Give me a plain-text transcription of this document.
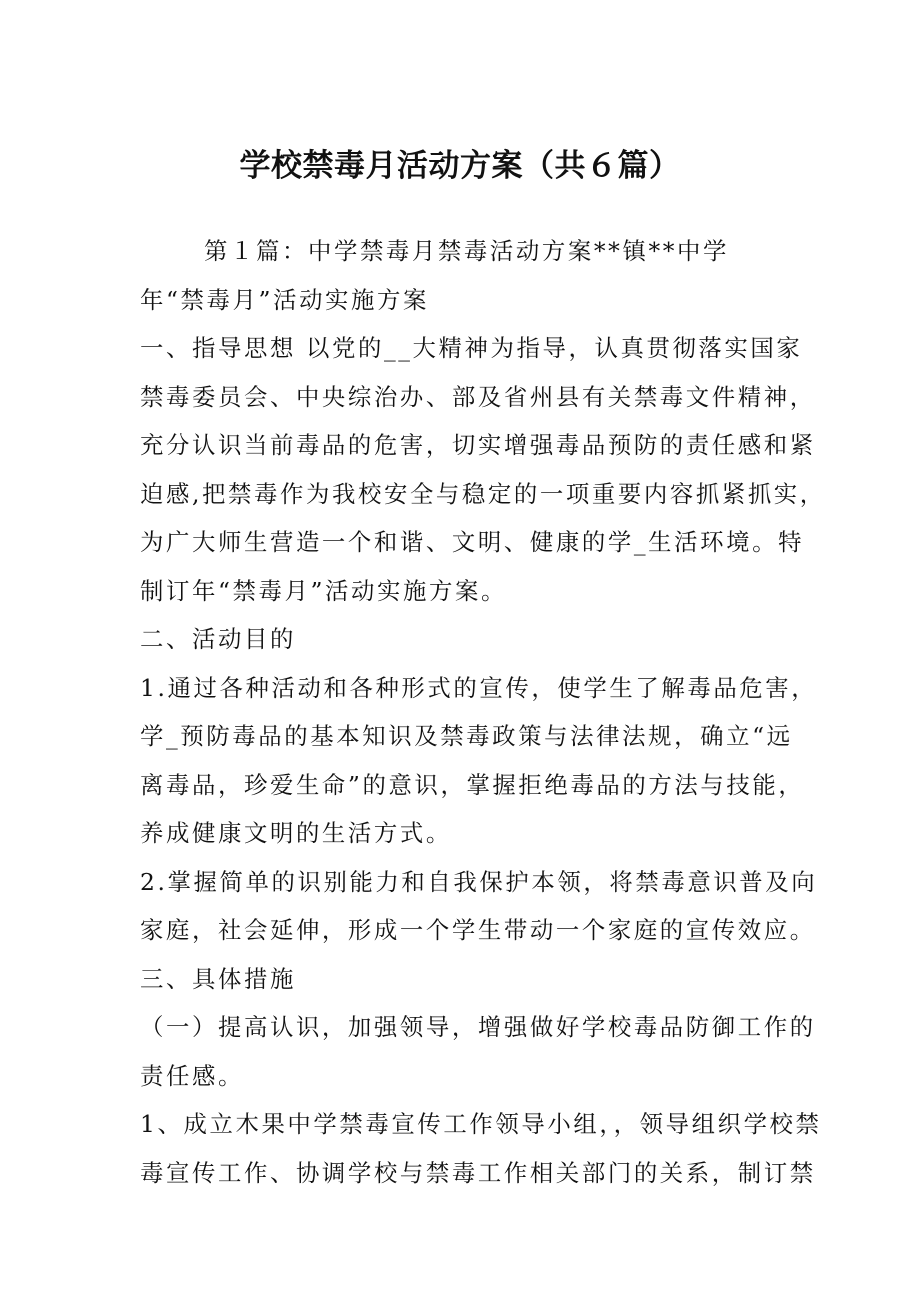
学校禁毒月活动方案（共６篇）
第１篇：中学禁毒月禁毒活动方案**镇**中学
年“禁毒月”活动实施方案
一、指导思想 以党的__大精神为指导，认真贯彻落实国家
禁毒委员会、中央综治办、部及省州县有关禁毒文件精神，
充分认识当前毒品的危害，切实增强毒品预防的责任感和紧
迫感,把禁毒作为我校安全与稳定的一项重要内容抓紧抓实，
为广大师生营造一个和谐、文明、健康的学_生活环境。特
制订年“禁毒月”活动实施方案。
二、活动目的
1.通过各种活动和各种形式的宣传，使学生了解毒品危害，
学_预防毒品的基本知识及禁毒政策与法律法规，确立“远
离毒品，珍爱生命”的意识，掌握拒绝毒品的方法与技能，
养成健康文明的生活方式。
2.掌握简单的识别能力和自我保护本领，将禁毒意识普及向
家庭，社会延伸，形成一个学生带动一个家庭的宣传效应。
三、具体措施
（一）提高认识，加强领导，增强做好学校毒品防御工作的
责任感。
1、成立木果中学禁毒宣传工作领导小组，，领导组织学校禁
毒宣传工作、协调学校与禁毒工作相关部门的关系，制订禁
